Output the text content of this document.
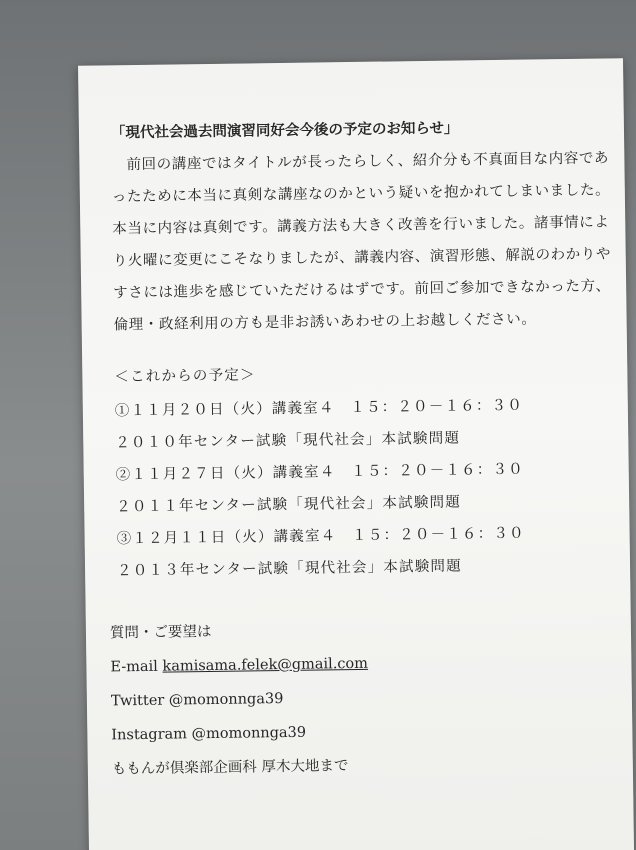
「現代社会過去問演習同好会今後の予定のお知らせ」
　前回の講座ではタイトルが長ったらしく、紹介分も不真面目な内容であ
ったために本当に真剣な講座なのかという疑いを抱かれてしまいました。
本当に内容は真剣です。講義方法も大きく改善を行いました。諸事情によ
り火曜に変更にこそなりましたが、講義内容、演習形態、解説のわかりや
すさには進歩を感じていただけるはずです。前回ご参加できなかった方、
倫理・政経利用の方も是非お誘いあわせの上お越しください。
＜これからの予定＞
①１１月２０日（火）講義室４　１５：２０－１６：３０
２０１０年センター試験「現代社会」本試験問題
②１１月２７日（火）講義室４　１５：２０－１６：３０
２０１１年センター試験「現代社会」本試験問題
③１２月１１日（火）講義室４　１５：２０－１６：３０
２０１３年センター試験「現代社会」本試験問題
質問・ご要望は
E-mail kamisama.felek@gmail.com
Twitter @momonnga39
Instagram @momonnga39
ももんが倶楽部企画科 厚木大地まで
